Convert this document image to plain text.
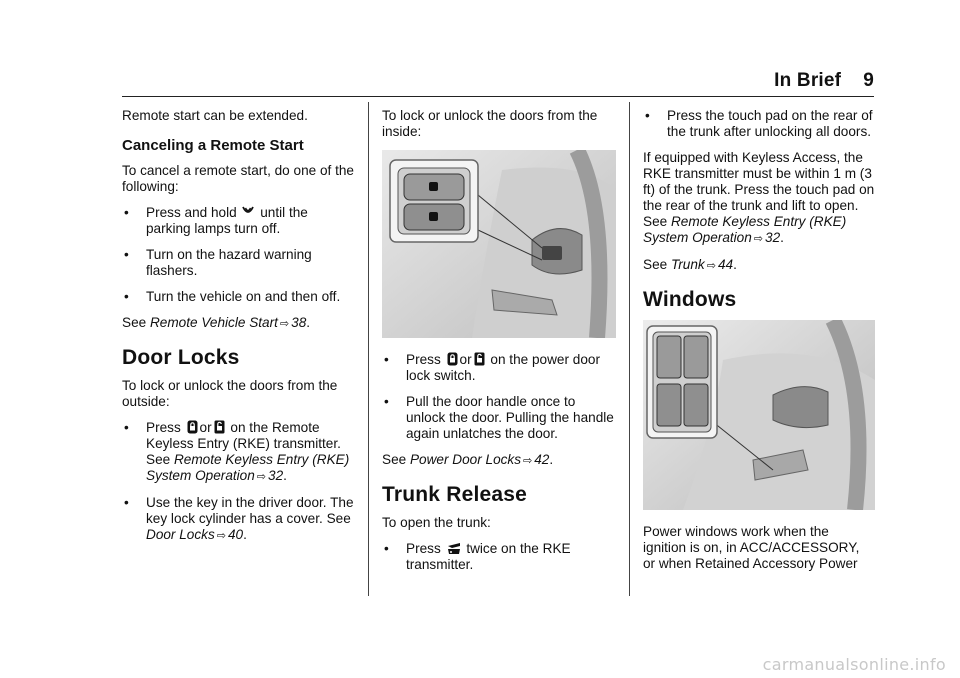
In Brief 9

Remote start can be extended.

Canceling a Remote Start

To cancel a remote start, do one of the following:

•	Press and hold until the parking lamps turn off.
•	Turn on the hazard warning flashers.
•	Turn the vehicle on and then off.

See Remote Vehicle Start ⇨ 38.

Door Locks

To lock or unlock the doors from the outside:

•	Press or on the Remote Keyless Entry (RKE) transmitter. See Remote Keyless Entry (RKE) System Operation ⇨ 32.
•	Use the key in the driver door. The key lock cylinder has a cover. See Door Locks ⇨ 40.

To lock or unlock the doors from the inside:

•	Press or on the power door lock switch.
•	Pull the door handle once to unlock the door. Pulling the handle again unlatches the door.

See Power Door Locks ⇨ 42.

Trunk Release

To open the trunk:

•	Press twice on the RKE transmitter.
•	Press the touch pad on the rear of the trunk after unlocking all doors.

If equipped with Keyless Access, the RKE transmitter must be within 1 m (3 ft) of the trunk. Press the touch pad on the rear of the trunk and lift to open. See Remote Keyless Entry (RKE) System Operation ⇨ 32.

See Trunk ⇨ 44.

Windows

Power windows work when the ignition is on, in ACC/ACCESSORY, or when Retained Accessory Power

carmanualsonline.info
